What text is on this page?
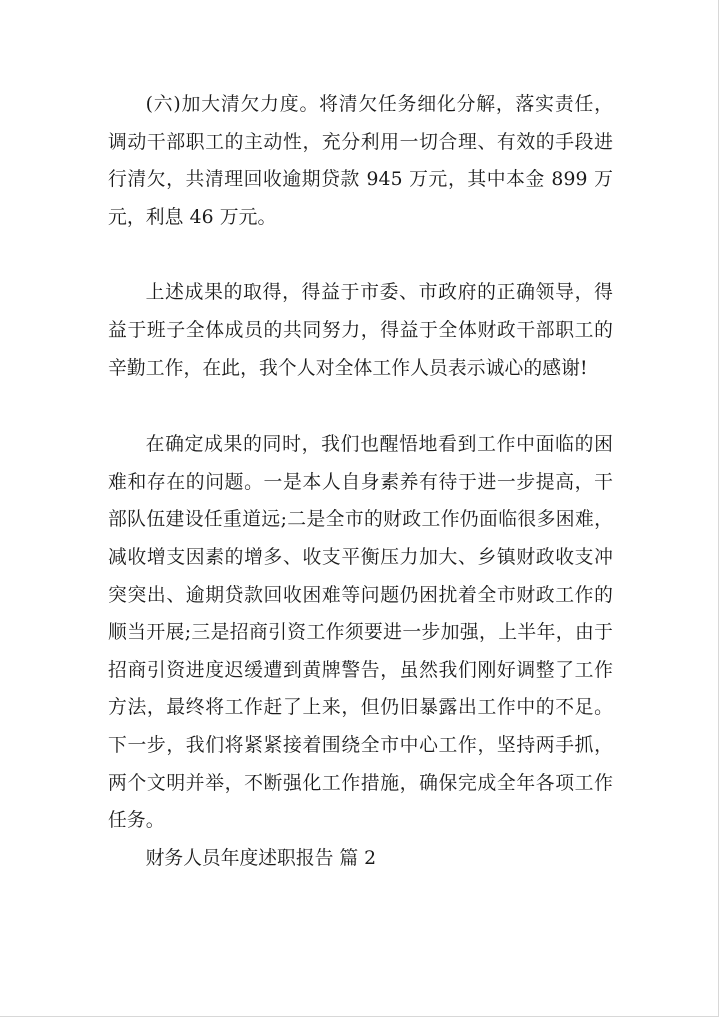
(六)加大清欠力度。将清欠任务细化分解，落实责任，调动干部职工的主动性，充分利用一切合理、有效的手段进行清欠，共清理回收逾期贷款 945 万元，其中本金 899 万元，利息 46 万元。

上述成果的取得，得益于市委、市政府的正确领导，得益于班子全体成员的共同努力，得益于全体财政干部职工的辛勤工作，在此，我个人对全体工作人员表示诚心的感谢!

在确定成果的同时，我们也醒悟地看到工作中面临的困难和存在的问题。一是本人自身素养有待于进一步提高，干部队伍建设任重道远;二是全市的财政工作仍面临很多困难，减收增支因素的增多、收支平衡压力加大、乡镇财政收支冲突突出、逾期贷款回收困难等问题仍困扰着全市财政工作的顺当开展;三是招商引资工作须要进一步加强，上半年，由于招商引资进度迟缓遭到黄牌警告，虽然我们刚好调整了工作方法，最终将工作赶了上来，但仍旧暴露出工作中的不足。下一步，我们将紧紧接着围绕全市中心工作，坚持两手抓，两个文明并举，不断强化工作措施，确保完成全年各项工作任务。

财务人员年度述职报告 篇 2
